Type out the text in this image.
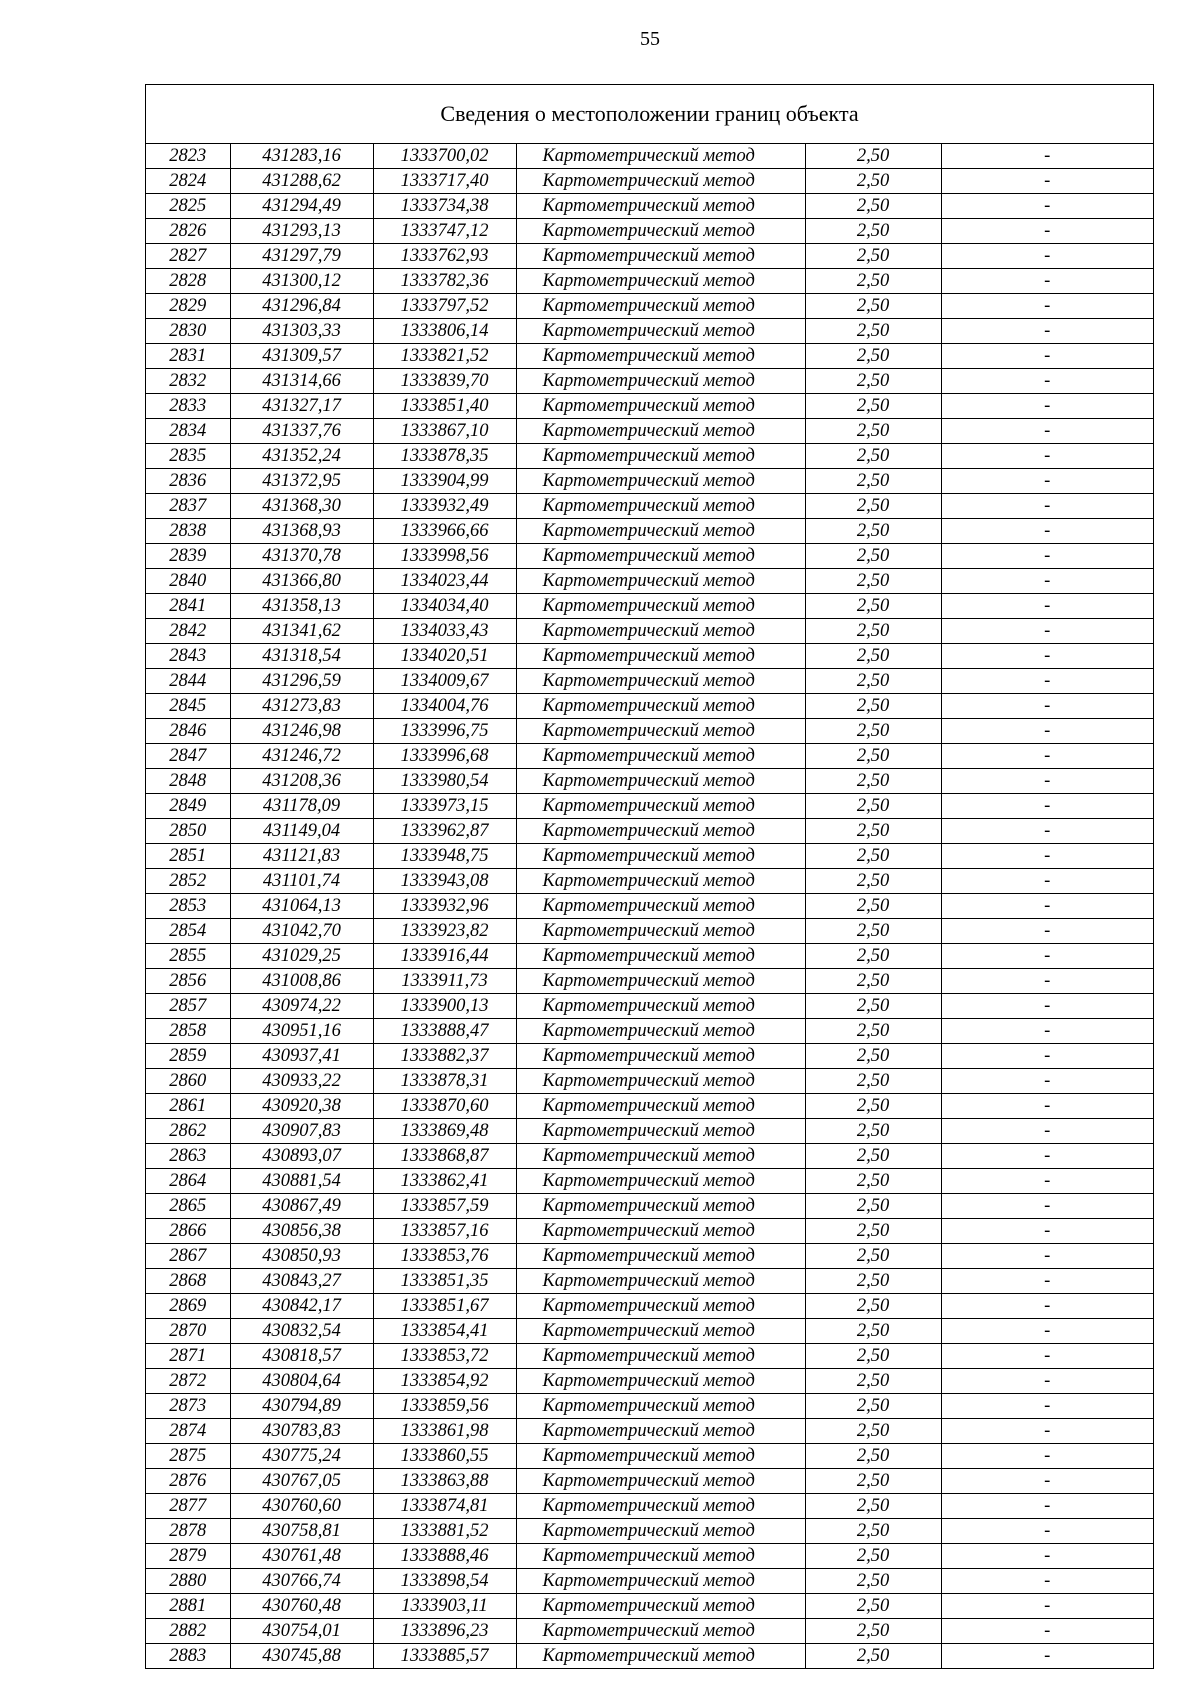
55
Сведения о местоположении границ объекта
2823	431283,16	1333700,02	Картометрический метод	2,50	-
2824	431288,62	1333717,40	Картометрический метод	2,50	-
2825	431294,49	1333734,38	Картометрический метод	2,50	-
2826	431293,13	1333747,12	Картометрический метод	2,50	-
2827	431297,79	1333762,93	Картометрический метод	2,50	-
2828	431300,12	1333782,36	Картометрический метод	2,50	-
2829	431296,84	1333797,52	Картометрический метод	2,50	-
2830	431303,33	1333806,14	Картометрический метод	2,50	-
2831	431309,57	1333821,52	Картометрический метод	2,50	-
2832	431314,66	1333839,70	Картометрический метод	2,50	-
2833	431327,17	1333851,40	Картометрический метод	2,50	-
2834	431337,76	1333867,10	Картометрический метод	2,50	-
2835	431352,24	1333878,35	Картометрический метод	2,50	-
2836	431372,95	1333904,99	Картометрический метод	2,50	-
2837	431368,30	1333932,49	Картометрический метод	2,50	-
2838	431368,93	1333966,66	Картометрический метод	2,50	-
2839	431370,78	1333998,56	Картометрический метод	2,50	-
2840	431366,80	1334023,44	Картометрический метод	2,50	-
2841	431358,13	1334034,40	Картометрический метод	2,50	-
2842	431341,62	1334033,43	Картометрический метод	2,50	-
2843	431318,54	1334020,51	Картометрический метод	2,50	-
2844	431296,59	1334009,67	Картометрический метод	2,50	-
2845	431273,83	1334004,76	Картометрический метод	2,50	-
2846	431246,98	1333996,75	Картометрический метод	2,50	-
2847	431246,72	1333996,68	Картометрический метод	2,50	-
2848	431208,36	1333980,54	Картометрический метод	2,50	-
2849	431178,09	1333973,15	Картометрический метод	2,50	-
2850	431149,04	1333962,87	Картометрический метод	2,50	-
2851	431121,83	1333948,75	Картометрический метод	2,50	-
2852	431101,74	1333943,08	Картометрический метод	2,50	-
2853	431064,13	1333932,96	Картометрический метод	2,50	-
2854	431042,70	1333923,82	Картометрический метод	2,50	-
2855	431029,25	1333916,44	Картометрический метод	2,50	-
2856	431008,86	1333911,73	Картометрический метод	2,50	-
2857	430974,22	1333900,13	Картометрический метод	2,50	-
2858	430951,16	1333888,47	Картометрический метод	2,50	-
2859	430937,41	1333882,37	Картометрический метод	2,50	-
2860	430933,22	1333878,31	Картометрический метод	2,50	-
2861	430920,38	1333870,60	Картометрический метод	2,50	-
2862	430907,83	1333869,48	Картометрический метод	2,50	-
2863	430893,07	1333868,87	Картометрический метод	2,50	-
2864	430881,54	1333862,41	Картометрический метод	2,50	-
2865	430867,49	1333857,59	Картометрический метод	2,50	-
2866	430856,38	1333857,16	Картометрический метод	2,50	-
2867	430850,93	1333853,76	Картометрический метод	2,50	-
2868	430843,27	1333851,35	Картометрический метод	2,50	-
2869	430842,17	1333851,67	Картометрический метод	2,50	-
2870	430832,54	1333854,41	Картометрический метод	2,50	-
2871	430818,57	1333853,72	Картометрический метод	2,50	-
2872	430804,64	1333854,92	Картометрический метод	2,50	-
2873	430794,89	1333859,56	Картометрический метод	2,50	-
2874	430783,83	1333861,98	Картометрический метод	2,50	-
2875	430775,24	1333860,55	Картометрический метод	2,50	-
2876	430767,05	1333863,88	Картометрический метод	2,50	-
2877	430760,60	1333874,81	Картометрический метод	2,50	-
2878	430758,81	1333881,52	Картометрический метод	2,50	-
2879	430761,48	1333888,46	Картометрический метод	2,50	-
2880	430766,74	1333898,54	Картометрический метод	2,50	-
2881	430760,48	1333903,11	Картометрический метод	2,50	-
2882	430754,01	1333896,23	Картометрический метод	2,50	-
2883	430745,88	1333885,57	Картометрический метод	2,50	-
